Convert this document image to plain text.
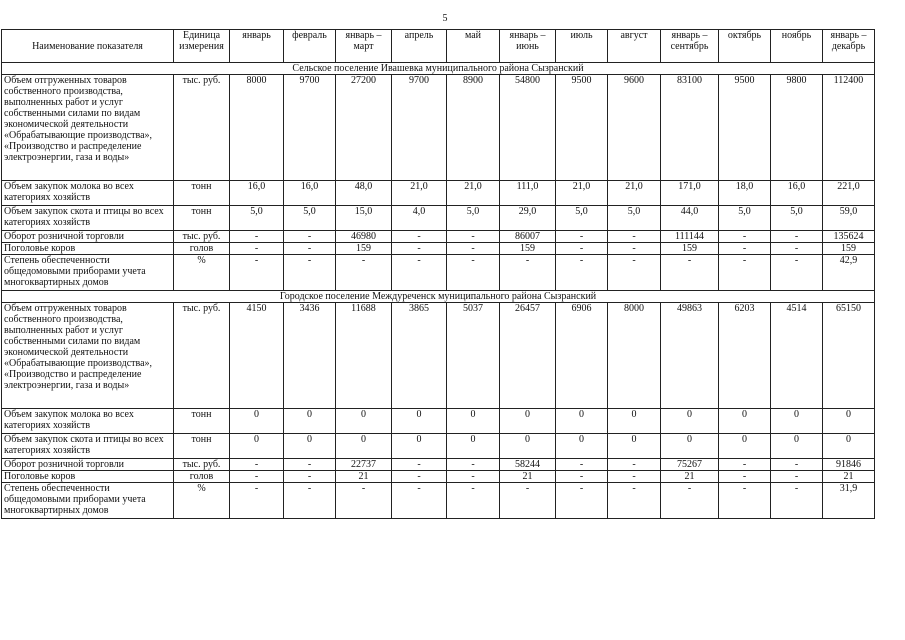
5
Наименование показателя	Единица измерения	январь	февраль	январь – март	апрель	май	январь – июнь	июль	август	январь – сентябрь	октябрь	ноябрь	январь – декабрь
Сельское поселение Ивашевка муниципального района Сызранский													
Объем отгруженных товаров собственного производства, выполненных работ и услуг собственными силами по видам экономической деятельности «Обрабатывающие производства», «Производство и распределение электроэнергии, газа и воды»	тыс. руб.	8000	9700	27200	9700	8900	54800	9500	9600	83100	9500	9800	112400
Объем закупок молока во всех категориях хозяйств	тонн	16,0	16,0	48,0	21,0	21,0	111,0	21,0	21,0	171,0	18,0	16,0	221,0
Объем закупок скота и птицы во всех категориях хозяйств	тонн	5,0	5,0	15,0	4,0	5,0	29,0	5,0	5,0	44,0	5,0	5,0	59,0
Оборот розничной торговли	тыс. руб.	-	-	46980	-	-	86007	-	-	111144	-	-	135624
Поголовье коров	голов	-	-	159	-	-	159	-	-	159	-	-	159
Степень обеспеченности общедомовыми приборами учета многоквартирных домов	%	-	-	-	-	-	-	-	-	-	-	-	42,9
Городское поселение Междуреченск муниципального района Сызранский													
Объем отгруженных товаров собственного производства, выполненных работ и услуг собственными силами по видам экономической деятельности «Обрабатывающие производства», «Производство и распределение электроэнергии, газа и воды»	тыс. руб.	4150	3436	11688	3865	5037	26457	6906	8000	49863	6203	4514	65150
Объем закупок молока во всех категориях хозяйств	тонн	0	0	0	0	0	0	0	0	0	0	0	0
Объем закупок скота и птицы во всех категориях хозяйств	тонн	0	0	0	0	0	0	0	0	0	0	0	0
Оборот розничной торговли	тыс. руб.	-	-	22737	-	-	58244	-	-	75267	-	-	91846
Поголовье коров	голов	-	-	21	-	-	21	-	-	21	-	-	21
Степень обеспеченности общедомовыми приборами учета многоквартирных домов	%	-	-	-	-	-	-	-	-	-	-	-	31,9
